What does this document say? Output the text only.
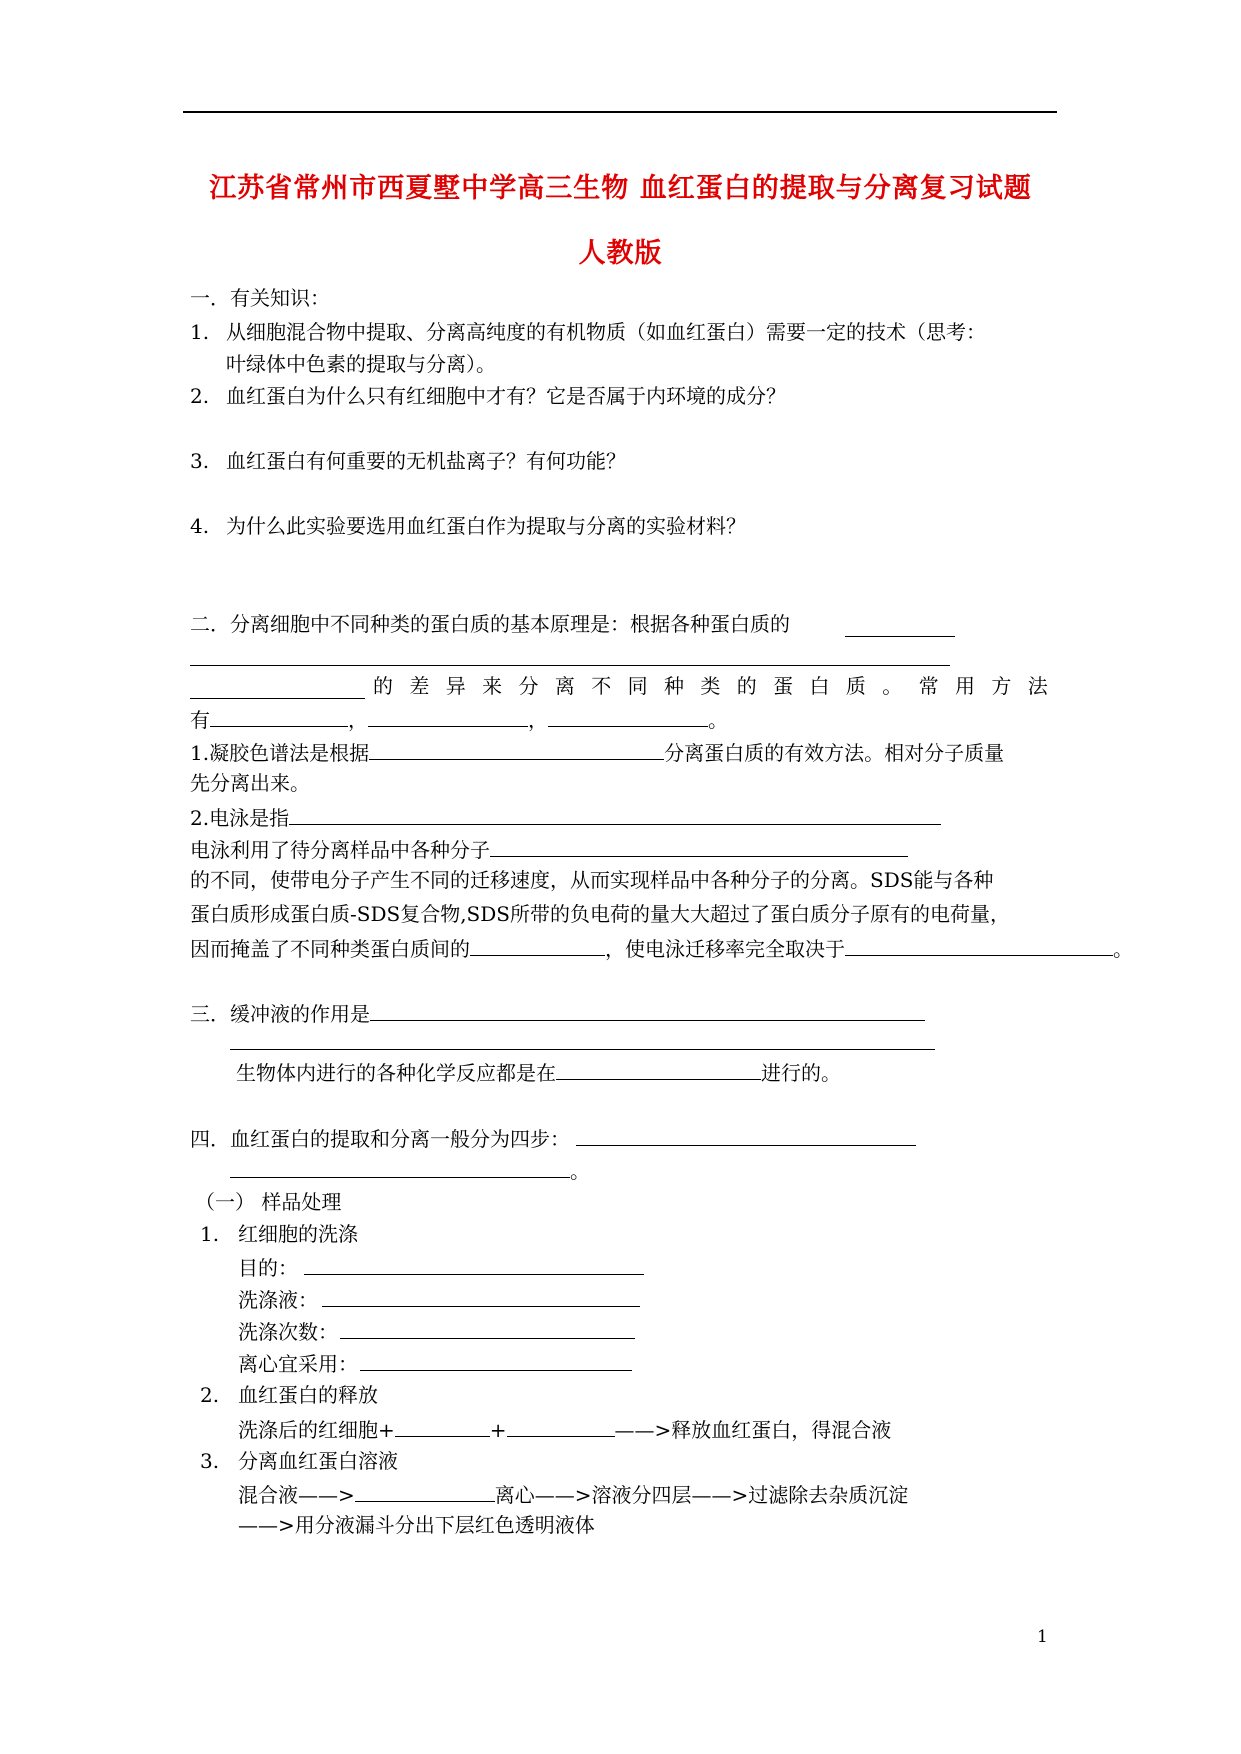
江苏省常州市西夏墅中学高三生物 血红蛋白的提取与分离复习试题
人教版
一．有关知识：
1. 从细胞混合物中提取、分离高纯度的有机物质（如血红蛋白）需要一定的技术（思考：
叶绿体中色素的提取与分离）。
2. 血红蛋白为什么只有红细胞中才有？它是否属于内环境的成分？
3. 血红蛋白有何重要的无机盐离子？有何功能？
4. 为什么此实验要选用血红蛋白作为提取与分离的实验材料？
二．分离细胞中不同种类的蛋白质的基本原理是：根据各种蛋白质的
的 差 异 来 分 离 不 同 种 类 的 蛋 白 质 。 常 用 方 法
有	，	，	。
1.凝胶色谱法是根据	分离蛋白质的有效方法。相对分子质量
先分离出来。
2.电泳是指
电泳利用了待分离样品中各种分子
的不同，使带电分子产生不同的迁移速度，从而实现样品中各种分子的分离。SDS能与各种
蛋白质形成蛋白质-SDS复合物,SDS所带的负电荷的量大大超过了蛋白质分子原有的电荷量，
因而掩盖了不同种类蛋白质间的	，使电泳迁移率完全取决于	。
三．缓冲液的作用是
生物体内进行的各种化学反应都是在	进行的。
四．血红蛋白的提取和分离一般分为四步：
。
（一） 样品处理
1. 红细胞的洗涤
目的：
洗涤液：
洗涤次数：
离心宜采用：
2. 血红蛋白的释放
洗涤后的红细胞+	+	——>释放血红蛋白，得混合液
3. 分离血红蛋白溶液
混合液——>	离心——>溶液分四层——>过滤除去杂质沉淀
——>用分液漏斗分出下层红色透明液体
1
